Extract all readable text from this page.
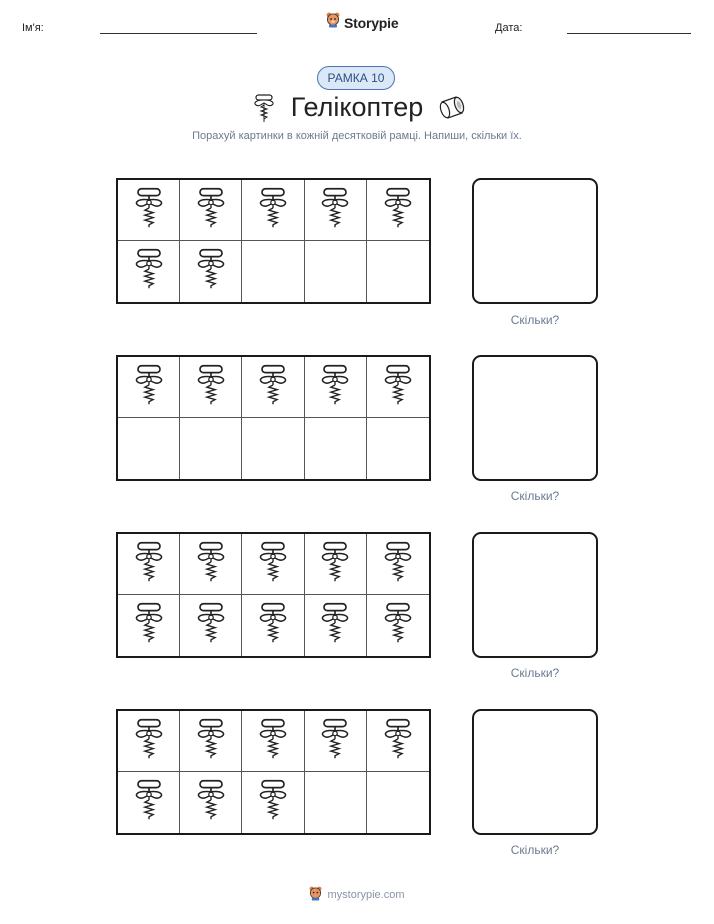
Ім'я:	Storypie	Дата:
РАМКА 10
Гелікоптер
Порахуй картинки в кожній десятковій рамці. Напиши, скільки їх.
Скільки?
Скільки?
Скільки?
Скільки?
mystorypie.com
